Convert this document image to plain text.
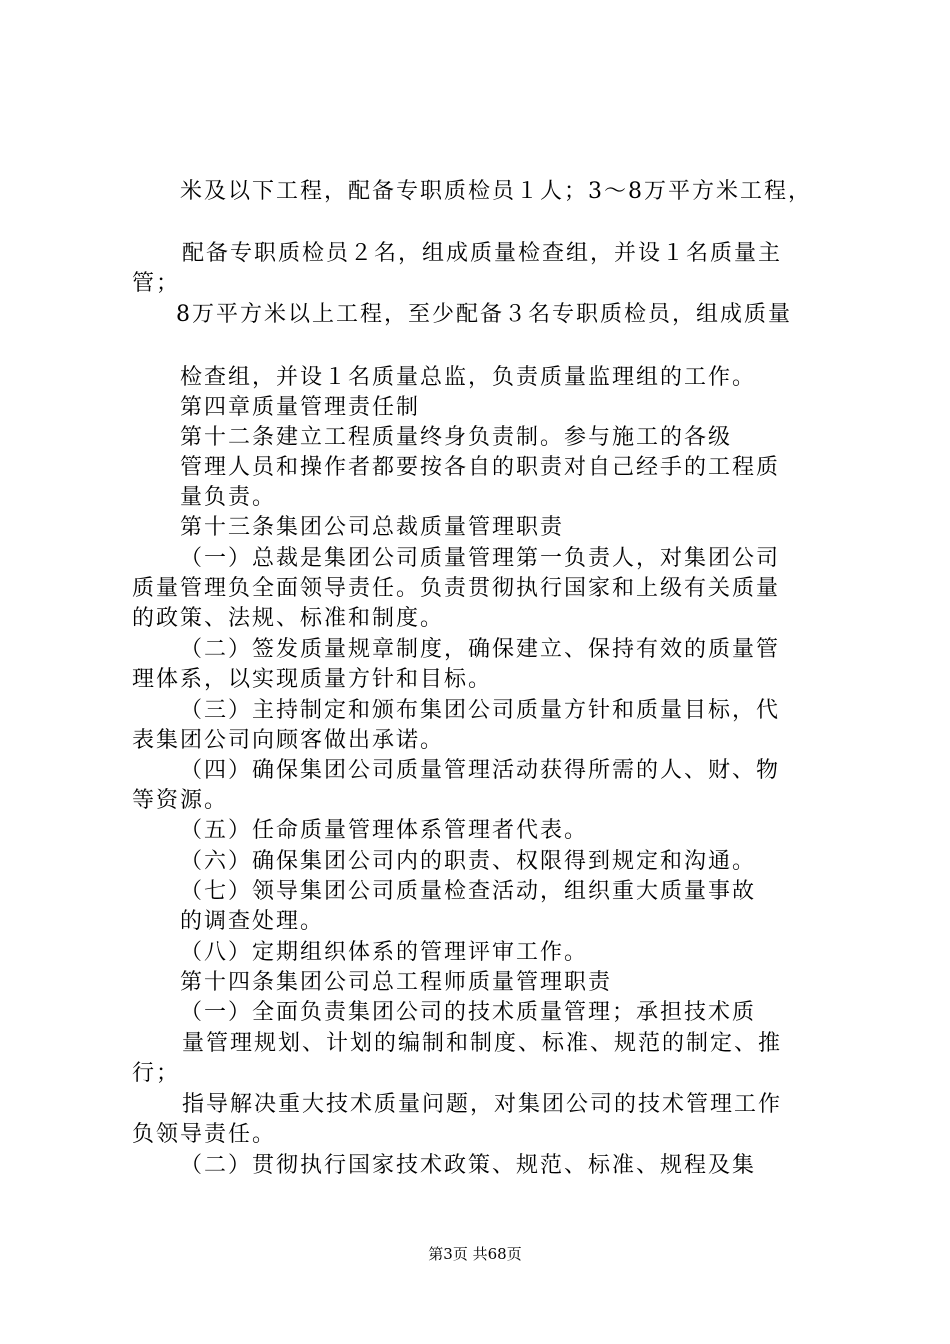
米及以下工程，配备专职质检员１人；3～8万平方米工程，
配备专职质检员２名，组成质量检查组，并设１名质量主
管；
8万平方米以上工程，至少配备３名专职质检员，组成质量
检查组，并设１名质量总监，负责质量监理组的工作。
第四章质量管理责任制
第十二条建立工程质量终身负责制。参与施工的各级
管理人员和操作者都要按各自的职责对自己经手的工程质
量负责。
第十三条集团公司总裁质量管理职责
（一）总裁是集团公司质量管理第一负责人，对集团公司
质量管理负全面领导责任。负责贯彻执行国家和上级有关质量
的政策、法规、标准和制度。
（二）签发质量规章制度，确保建立、保持有效的质量管
理体系，以实现质量方针和目标。
（三）主持制定和颁布集团公司质量方针和质量目标，代
表集团公司向顾客做出承诺。
（四）确保集团公司质量管理活动获得所需的人、财、物
等资源。
（五）任命质量管理体系管理者代表。
（六）确保集团公司内的职责、权限得到规定和沟通。
（七）领导集团公司质量检查活动，组织重大质量事故
的调查处理。
（八）定期组织体系的管理评审工作。
第十四条集团公司总工程师质量管理职责
（一）全面负责集团公司的技术质量管理；承担技术质
量管理规划、计划的编制和制度、标准、规范的制定、推
行；
指导解决重大技术质量问题，对集团公司的技术管理工作
负领导责任。
（二）贯彻执行国家技术政策、规范、标准、规程及集
第3页 共68页
